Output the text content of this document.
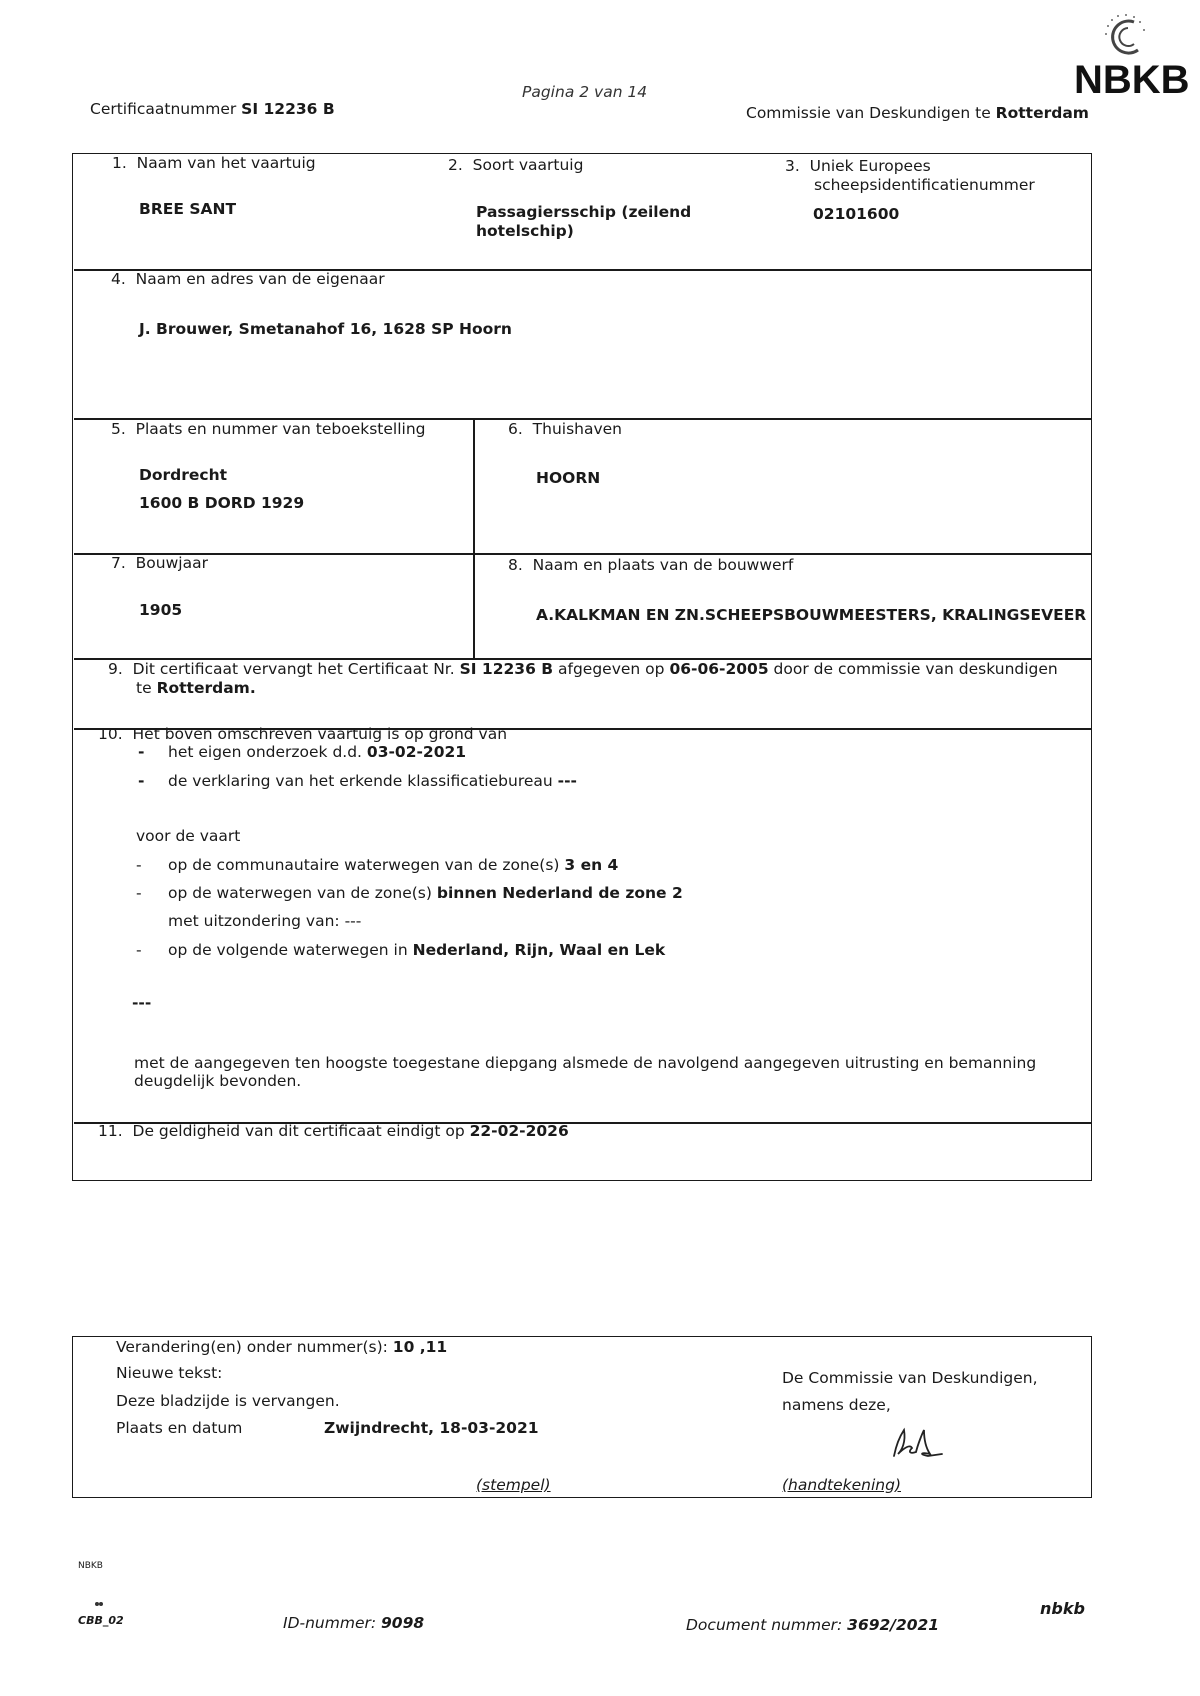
Certificaatnummer SI 12236 B
Pagina 2 van 14
Commissie van Deskundigen te Rotterdam
NBKB
1. Naam van het vaartuig
BREE SANT
2. Soort vaartuig
Passagiersschip (zeilend
hotelschip)
3. Uniek Europees
scheepsidentificatienummer
02101600
4. Naam en adres van de eigenaar
J. Brouwer, Smetanahof 16, 1628 SP Hoorn
5. Plaats en nummer van teboekstelling
Dordrecht
1600 B DORD 1929
6. Thuishaven
HOORN
7. Bouwjaar
1905
8. Naam en plaats van de bouwwerf
A.KALKMAN EN ZN.SCHEEPSBOUWMEESTERS, KRALINGSEVEER
9. Dit certificaat vervangt het Certificaat Nr. SI 12236 B afgegeven op 06-06-2005 door de commissie van deskundigen
te Rotterdam.
10. Het boven omschreven vaartuig is op grond van
- het eigen onderzoek d.d. 03-02-2021
- de verklaring van het erkende klassificatiebureau ---
voor de vaart
- op de communautaire waterwegen van de zone(s) 3 en 4
- op de waterwegen van de zone(s) binnen Nederland de zone 2
met uitzondering van: ---
- op de volgende waterwegen in Nederland, Rijn, Waal en Lek
---
met de aangegeven ten hoogste toegestane diepgang alsmede de navolgend aangegeven uitrusting en bemanning
deugdelijk bevonden.
11. De geldigheid van dit certificaat eindigt op 22-02-2026
Verandering(en) onder nummer(s): 10 ,11
Nieuwe tekst:
Deze bladzijde is vervangen.
Plaats en datum	Zwijndrecht, 18-03-2021
(stempel)
De Commissie van Deskundigen,
namens deze,
(handtekening)
NBKB
CBB_02	ID-nummer: 9098	Document nummer: 3692/2021
nbkb
